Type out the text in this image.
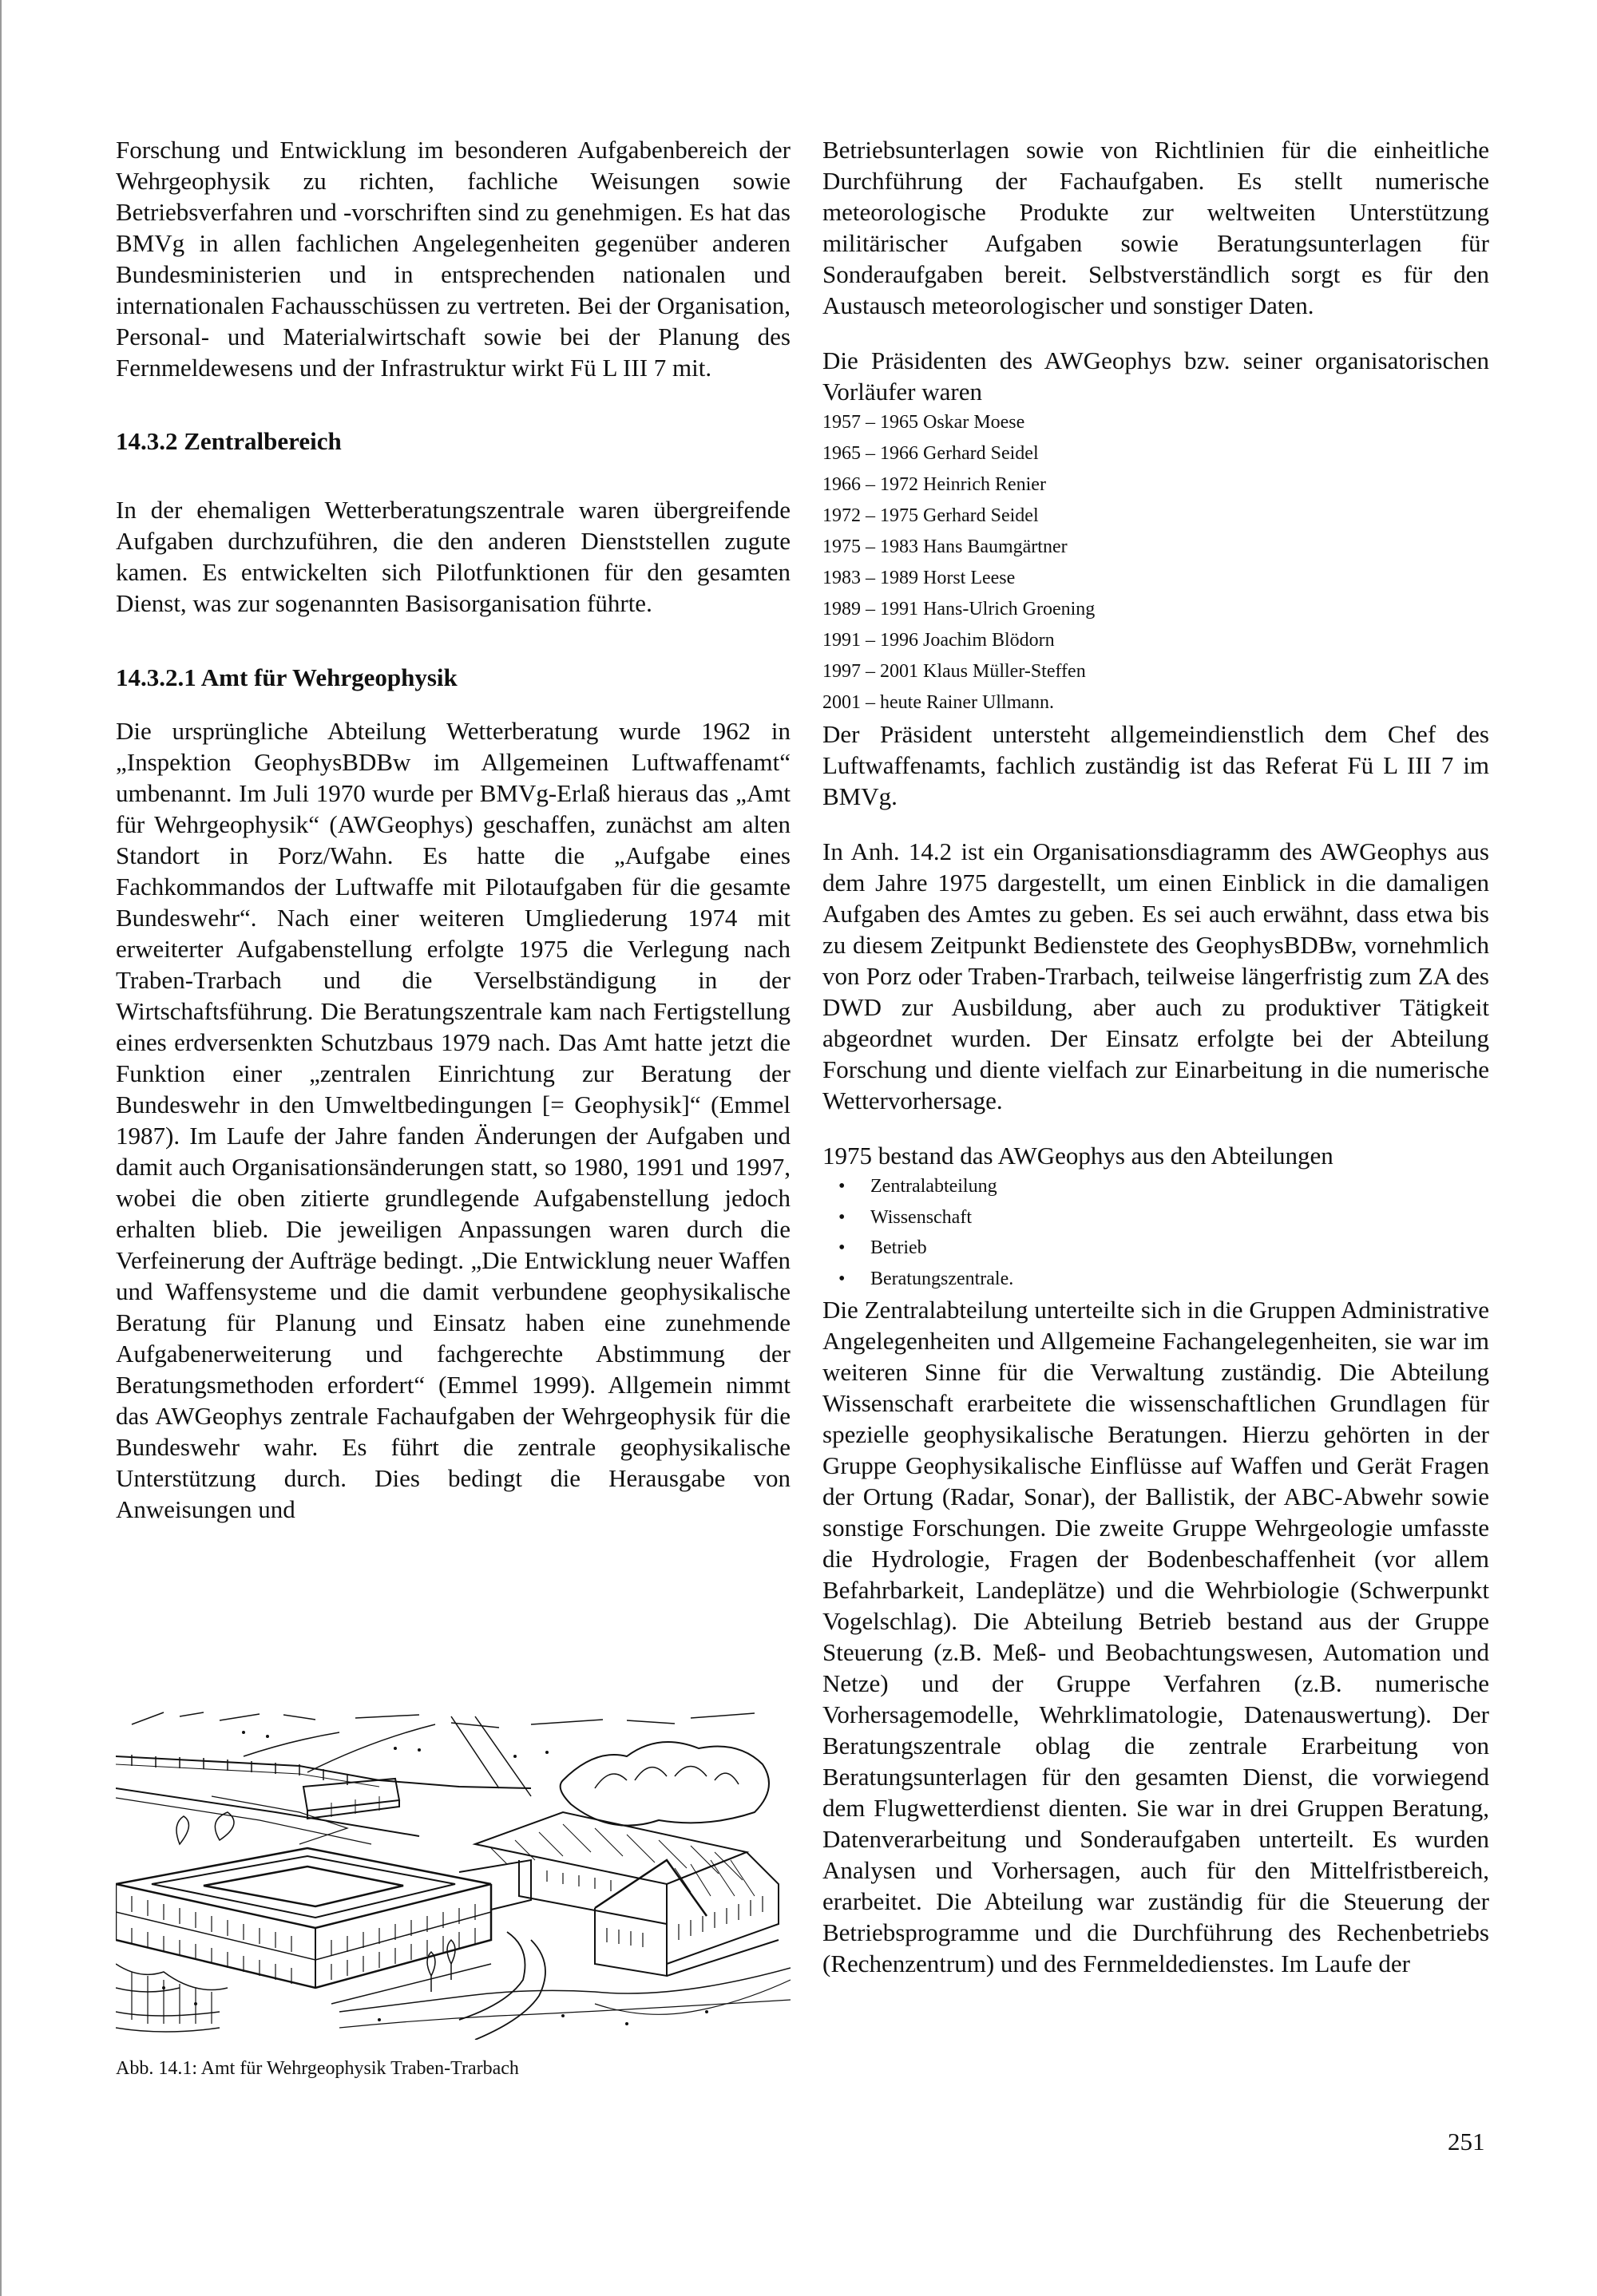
Forschung und Entwicklung im besonderen Aufgabenbereich der Wehrgeophysik zu richten, fachliche Weisungen sowie Betriebsverfahren und -vorschriften sind zu genehmigen. Es hat das BMVg in allen fachlichen Angelegenheiten gegenüber anderen Bundesministerien und in entsprechenden nationalen und internationalen Fachausschüssen zu vertreten. Bei der Organisation, Personal- und Materialwirtschaft sowie bei der Planung des Fernmeldewesens und der Infrastruktur wirkt Fü L III 7 mit.

14.3.2 Zentralbereich

In der ehemaligen Wetterberatungszentrale waren übergreifende Aufgaben durchzuführen, die den anderen Dienststellen zugute kamen. Es entwickelten sich Pilotfunktionen für den gesamten Dienst, was zur sogenannten Basisorganisation führte.

14.3.2.1 Amt für Wehrgeophysik

Die ursprüngliche Abteilung Wetterberatung wurde 1962 in „Inspektion GeophysBDBw im Allgemeinen Luftwaffenamt“ umbenannt. Im Juli 1970 wurde per BMVg-Erlaß hieraus das „Amt für Wehrgeophysik“ (AWGeophys) geschaffen, zunächst am alten Standort in Porz/Wahn. Es hatte die „Aufgabe eines Fachkommandos der Luftwaffe mit Pilotaufgaben für die gesamte Bundeswehr“. Nach einer weiteren Umgliederung 1974 mit erweiterter Aufgabenstellung erfolgte 1975 die Verlegung nach Traben-Trarbach und die Verselbständigung in der Wirtschaftsführung. Die Beratungszentrale kam nach Fertigstellung eines erdversenkten Schutzbaus 1979 nach. Das Amt hatte jetzt die Funktion einer „zentralen Einrichtung zur Beratung der Bundeswehr in den Umweltbedingungen [= Geophysik]“ (Emmel 1987). Im Laufe der Jahre fanden Änderungen der Aufgaben und damit auch Organisationsänderungen statt, so 1980, 1991 und 1997, wobei die oben zitierte grundlegende Aufgabenstellung jedoch erhalten blieb. Die jeweiligen Anpassungen waren durch die Verfeinerung der Aufträge bedingt. „Die Entwicklung neuer Waffen und Waffensysteme und die damit verbundene geophysikalische Beratung für Planung und Einsatz haben eine zunehmende Aufgabenerweiterung und fachgerechte Abstimmung der Beratungsmethoden erfordert“ (Emmel 1999). Allgemein nimmt das AWGeophys zentrale Fachaufgaben der Wehrgeophysik für die Bundeswehr wahr. Es führt die zentrale geophysikalische Unterstützung durch. Dies bedingt die Herausgabe von Anweisungen und

Abb. 14.1: Amt für Wehrgeophysik Traben-Trarbach

Betriebsunterlagen sowie von Richtlinien für die einheitliche Durchführung der Fachaufgaben. Es stellt numerische meteorologische Produkte zur weltweiten Unterstützung militärischer Aufgaben sowie Beratungsunterlagen für Sonderaufgaben bereit. Selbstverständlich sorgt es für den Austausch meteorologischer und sonstiger Daten.

Die Präsidenten des AWGeophys bzw. seiner organisatorischen Vorläufer waren

1957 – 1965 Oskar Moese
1965 – 1966 Gerhard Seidel
1966 – 1972 Heinrich Renier
1972 – 1975 Gerhard Seidel
1975 – 1983 Hans Baumgärtner
1983 – 1989 Horst Leese
1989 – 1991 Hans-Ulrich Groening
1991 – 1996 Joachim Blödorn
1997 – 2001 Klaus Müller-Steffen
2001 – heute Rainer Ullmann.

Der Präsident untersteht allgemeindienstlich dem Chef des Luftwaffenamts, fachlich zuständig ist das Referat Fü L III 7 im BMVg.

In Anh. 14.2 ist ein Organisationsdiagramm des AWGeophys aus dem Jahre 1975 dargestellt, um einen Einblick in die damaligen Aufgaben des Amtes zu geben. Es sei auch erwähnt, dass etwa bis zu diesem Zeitpunkt Bedienstete des GeophysBDBw, vornehmlich von Porz oder Traben-Trarbach, teilweise längerfristig zum ZA des DWD zur Ausbildung, aber auch zu produktiver Tätigkeit abgeordnet wurden. Der Einsatz erfolgte bei der Abteilung Forschung und diente vielfach zur Einarbeitung in die numerische Wettervorhersage.

1975 bestand das AWGeophys aus den Abteilungen

• Zentralabteilung
• Wissenschaft
• Betrieb
• Beratungszentrale.

Die Zentralabteilung unterteilte sich in die Gruppen Administrative Angelegenheiten und Allgemeine Fachangelegenheiten, sie war im weiteren Sinne für die Verwaltung zuständig. Die Abteilung Wissenschaft erarbeitete die wissenschaftlichen Grundlagen für spezielle geophysikalische Beratungen. Hierzu gehörten in der Gruppe Geophysikalische Einflüsse auf Waffen und Gerät Fragen der Ortung (Radar, Sonar), der Ballistik, der ABC-Abwehr sowie sonstige Forschungen. Die zweite Gruppe Wehrgeologie umfasste die Hydrologie, Fragen der Bodenbeschaffenheit (vor allem Befahrbarkeit, Landeplätze) und die Wehrbiologie (Schwerpunkt Vogelschlag). Die Abteilung Betrieb bestand aus der Gruppe Steuerung (z.B. Meß- und Beobachtungswesen, Automation und Netze) und der Gruppe Verfahren (z.B. numerische Vorhersagemodelle, Wehrklimatologie, Datenauswertung). Der Beratungszentrale oblag die zentrale Erarbeitung von Beratungsunterlagen für den gesamten Dienst, die vorwiegend dem Flugwetterdienst dienten. Sie war in drei Gruppen Beratung, Datenverarbeitung und Sonderaufgaben unterteilt. Es wurden Analysen und Vorhersagen, auch für den Mittelfristbereich, erarbeitet. Die Abteilung war zuständig für die Steuerung der Betriebsprogramme und die Durchführung des Rechenbetriebs (Rechenzentrum) und des Fernmeldedienstes. Im Laufe der

251
